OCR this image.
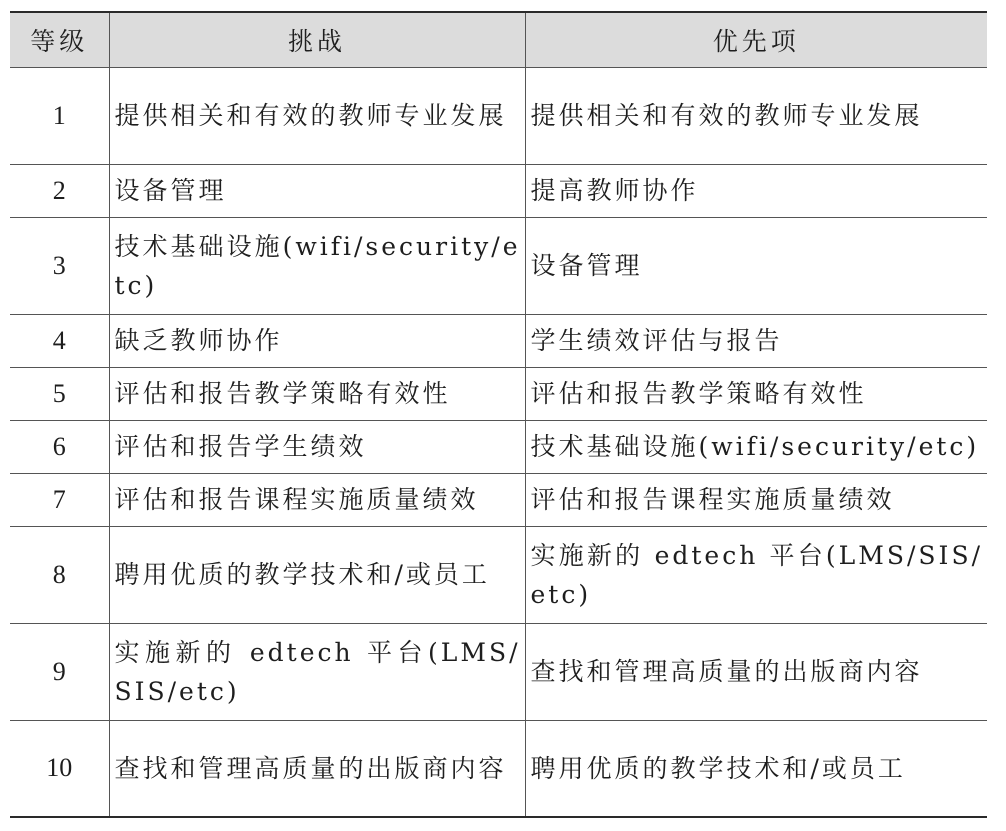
等级	挑战	优先项
1	提供相关和有效的教师专业发展	提供相关和有效的教师专业发展
2	设备管理	提高教师协作
3	技术基础设施(wifi/security/etc)	设备管理
4	缺乏教师协作	学生绩效评估与报告
5	评估和报告教学策略有效性	评估和报告教学策略有效性
6	评估和报告学生绩效	技术基础设施(wifi/security/etc)
7	评估和报告课程实施质量绩效	评估和报告课程实施质量绩效
8	聘用优质的教学技术和/或员工	实施新的 edtech 平台(LMS/SIS/etc)
9	实施新的 edtech 平台(LMS/SIS/etc)	查找和管理高质量的出版商内容
10	查找和管理高质量的出版商内容	聘用优质的教学技术和/或员工
